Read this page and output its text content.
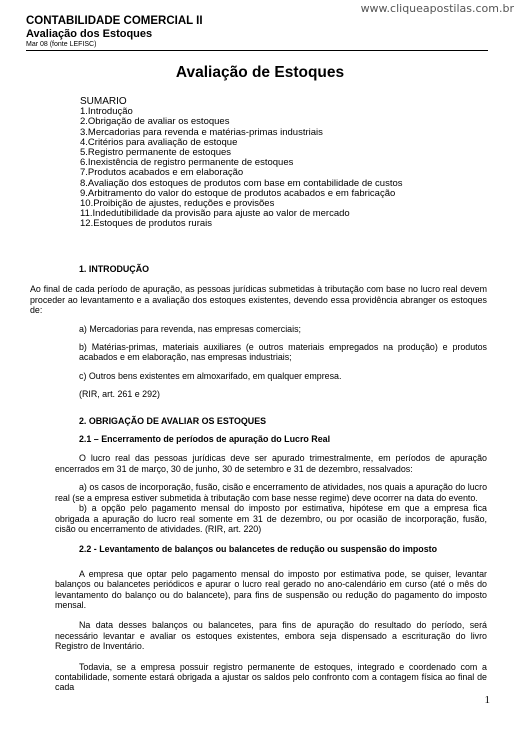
www.cliqueapostilas.com.br
CONTABILIDADE COMERCIAL II
Avaliação dos Estoques
Mar 08 (fonte LEFISC)
Avaliação de Estoques
SUMARIO
1.Introdução
2.Obrigação de avaliar os estoques
3.Mercadorias para revenda e matérias-primas industriais
4.Critérios para avaliação de estoque
5.Registro permanente de estoques
6.Inexistência de registro permanente de estoques
7.Produtos acabados e em elaboração
8.Avaliação dos estoques de produtos com base em contabilidade de custos
9.Arbitramento do valor do estoque de produtos acabados e em fabricação
10.Proibição de ajustes, reduções e provisões
11.Indedutibilidade da provisão para ajuste ao valor de mercado
12.Estoques de produtos rurais

1. INTRODUÇÃO

Ao final de cada período de apuração, as pessoas jurídicas submetidas à tributação com base no lucro real devem proceder ao levantamento e a avaliação dos estoques existentes, devendo essa providência abranger os estoques de:

a) Mercadorias para revenda, nas empresas comerciais;

b) Matérias-primas, materiais auxiliares (e outros materiais empregados na produção) e produtos acabados e em elaboração, nas empresas industriais;

c) Outros bens existentes em almoxarifado, em qualquer empresa.

(RIR, art. 261 e 292)

2. OBRIGAÇÃO DE AVALIAR OS ESTOQUES

2.1 – Encerramento de períodos de apuração do Lucro Real

O lucro real das pessoas jurídicas deve ser apurado trimestralmente, em períodos de apuração encerrados em 31 de março, 30 de junho, 30 de setembro e 31 de dezembro, ressalvados:

a) os casos de incorporação, fusão, cisão e encerramento de atividades, nos quais a apuração do lucro real (se a empresa estiver submetida à tributação com base nesse regime) deve ocorrer na data do evento.

b) a opção pelo pagamento mensal do imposto por estimativa, hipótese em que a empresa fica obrigada a apuração do lucro real somente em 31 de dezembro, ou por ocasião de incorporação, fusão, cisão ou encerramento de atividades. (RIR, art. 220)

2.2 - Levantamento de balanços ou balancetes de redução ou suspensão do imposto

A empresa que optar pelo pagamento mensal do imposto por estimativa pode, se quiser, levantar balanços ou balancetes periódicos e apurar o lucro real gerado no ano-calendário em curso (até o mês do levantamento do balanço ou do balancete), para fins de suspensão ou redução do pagamento do imposto mensal.

Na data desses balanços ou balancetes, para fins de apuração do resultado do período, será necessário levantar e avaliar os estoques existentes, embora seja dispensado a escrituração do livro Registro de Inventário.

Todavia, se a empresa possuir registro permanente de estoques, integrado e coordenado com a contabilidade, somente estará obrigada a ajustar os saldos pelo confronto com a contagem física ao final de cada

1
